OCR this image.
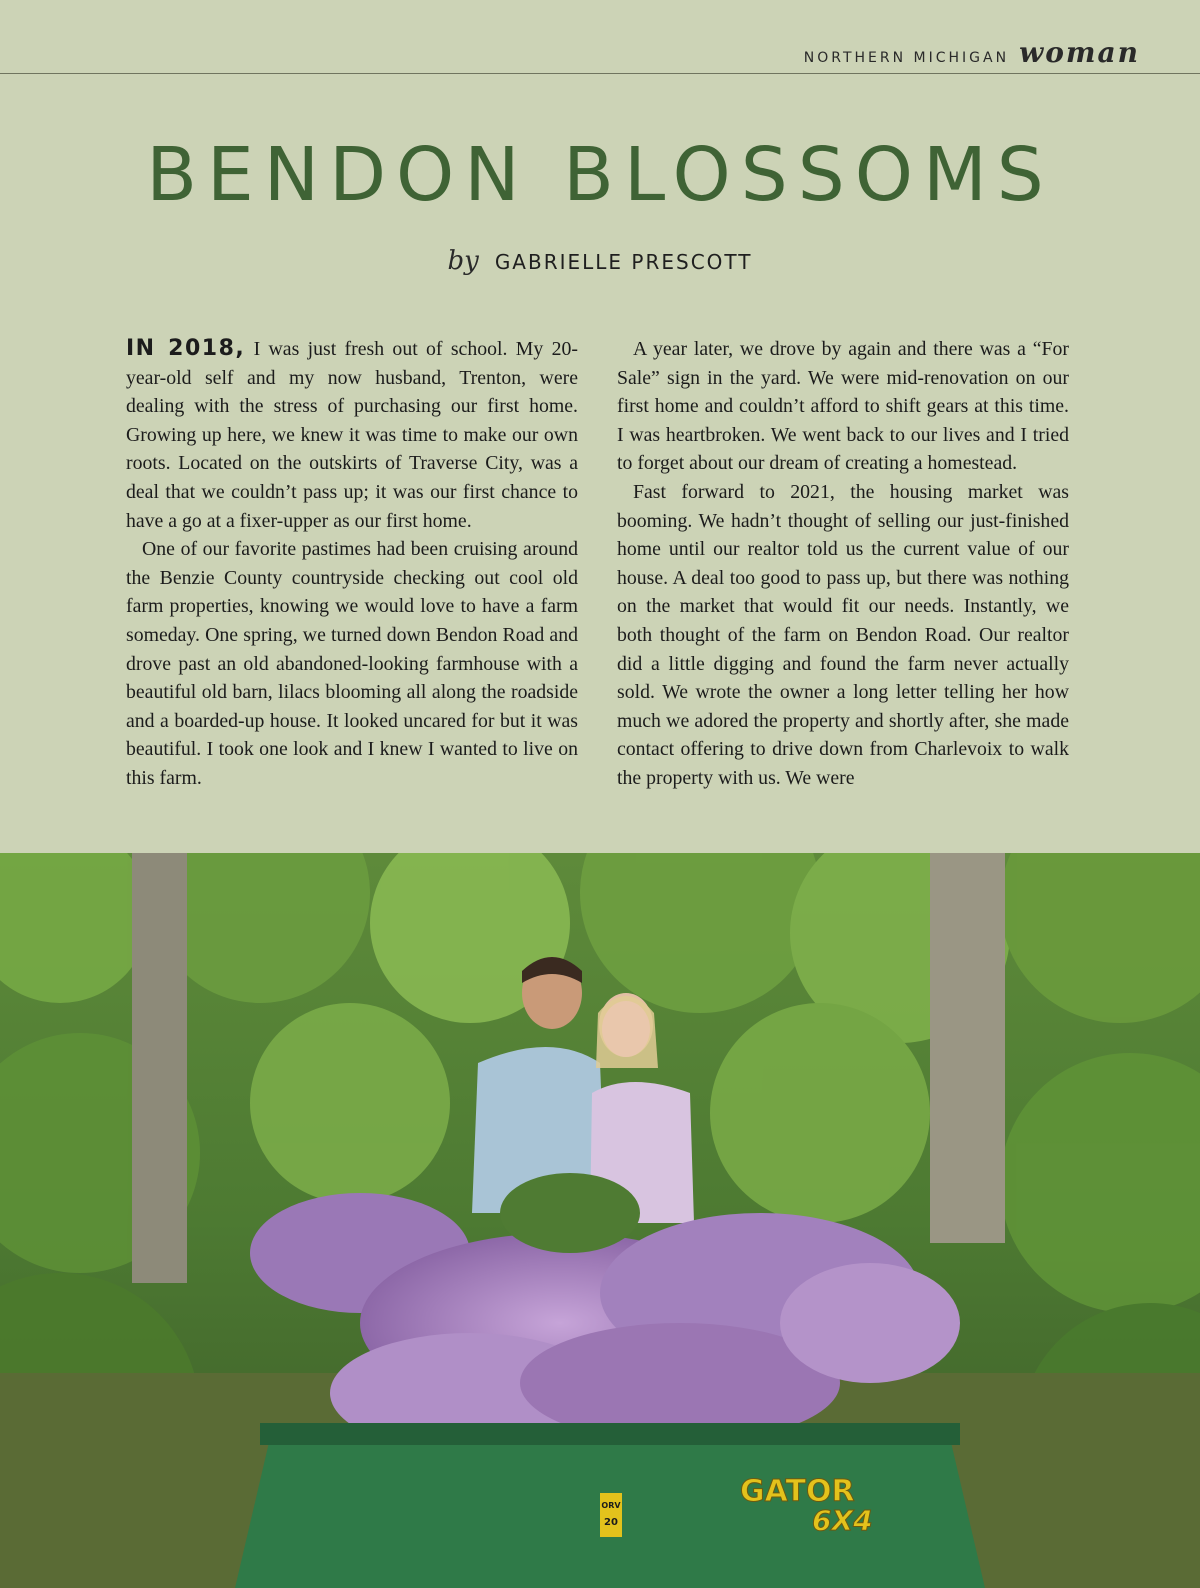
NORTHERN MICHIGAN woman
BENDON BLOSSOMS
by GABRIELLE PRESCOTT

IN 2018, I was just fresh out of school. My 20-year-old self and my now husband, Trenton, were dealing with the stress of purchasing our first home. Growing up here, we knew it was time to make our own roots. Located on the outskirts of Traverse City, was a deal that we couldn’t pass up; it was our first chance to have a go at a fixer-upper as our first home.

One of our favorite pastimes had been cruising around the Benzie County countryside checking out cool old farm properties, knowing we would love to have a farm someday. One spring, we turned down Bendon Road and drove past an old abandoned-looking farmhouse with a beautiful old barn, lilacs blooming all along the roadside and a boarded-up house. It looked uncared for but it was beautiful. I took one look and I knew I wanted to live on this farm.

A year later, we drove by again and there was a “For Sale” sign in the yard. We were mid-renovation on our first home and couldn’t afford to shift gears at this time. I was heartbroken. We went back to our lives and I tried to forget about our dream of creating a homestead.

Fast forward to 2021, the housing market was booming. We hadn’t thought of selling our just-finished home until our realtor told us the current value of our house. A deal too good to pass up, but there was nothing on the market that would fit our needs. Instantly, we both thought of the farm on Bendon Road. Our realtor did a little digging and found the farm never actually sold. We wrote the owner a long letter telling her how much we adored the property and shortly after, she made contact offering to drive down from Charlevoix to walk the property with us. We were

ORV
20
GATOR
6X4
